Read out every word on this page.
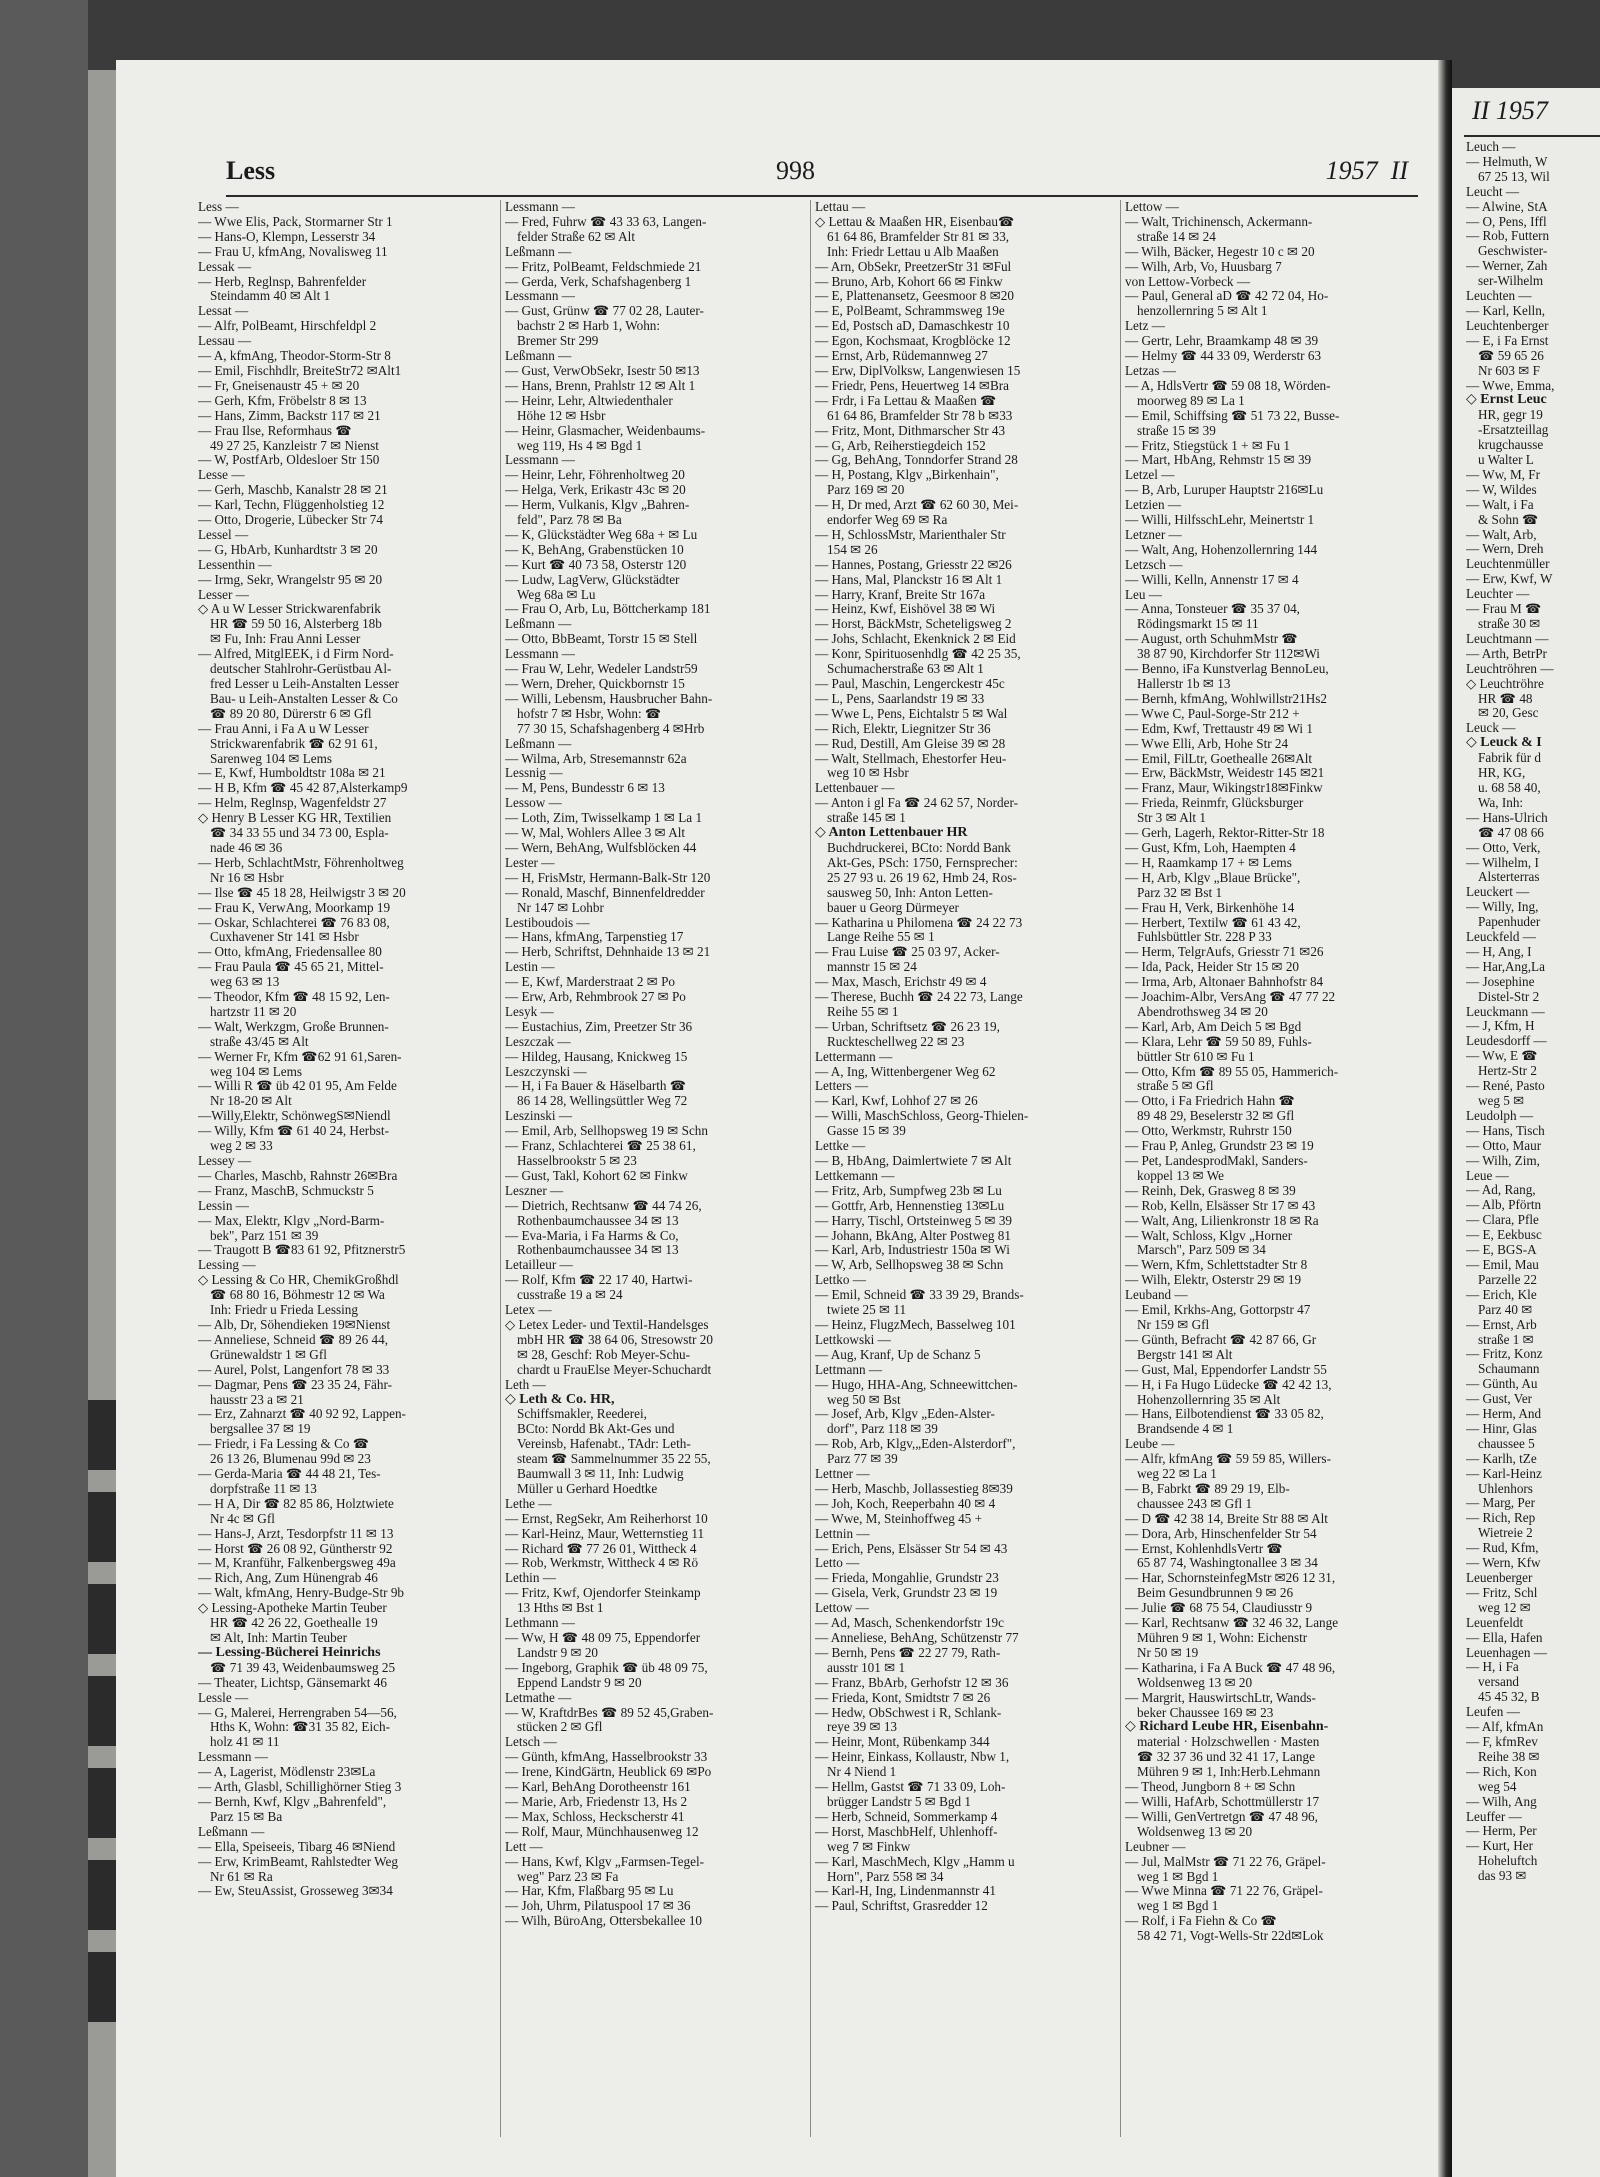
Less	998	1957 II
Less —
— Wwe Elis, Pack, Stormarner Str 1
— Hans-O, Klempn, Lesserstr 34
— Frau U, kfmAng, Novalisweg 11
Lessak —
— Herb, Reglnsp, Bahrenfelder
Steindamm 40 ✉ Alt 1
Lessat —
— Alfr, PolBeamt, Hirschfeldpl 2
Lessau —
— A, kfmAng, Theodor-Storm-Str 8
— Emil, Fischhdlr, BreiteStr72 ✉Alt1
— Fr, Gneisenaustr 45 + ✉ 20
— Gerh, Kfm, Fröbelstr 8 ✉ 13
— Hans, Zimm, Backstr 117 ✉ 21
— Frau Ilse, Reformhaus ☎
49 27 25, Kanzleistr 7 ✉ Nienst
— W, PostfArb, Oldesloer Str 150
Lesse —
— Gerh, Maschb, Kanalstr 28 ✉ 21
— Karl, Techn, Flüggenholstieg 12
— Otto, Drogerie, Lübecker Str 74
Lessel —
— G, HbArb, Kunhardtstr 3 ✉ 20
Lessenthin —
— Irmg, Sekr, Wrangelstr 95 ✉ 20
Lesser —
◇ A u W Lesser Strickwarenfabrik
HR ☎ 59 50 16, Alsterberg 18b
✉ Fu, Inh: Frau Anni Lesser
— Alfred, MitglEEK, i d Firm Nord-
deutscher Stahlrohr-Gerüstbau Al-
fred Lesser u Leih-Anstalten Lesser
Bau- u Leih-Anstalten Lesser & Co
☎ 89 20 80, Dürerstr 6 ✉ Gfl
— Frau Anni, i Fa A u W Lesser
Strickwarenfabrik ☎ 62 91 61,
Sarenweg 104 ✉ Lems
— E, Kwf, Humboldtstr 108a ✉ 21
— H B, Kfm ☎ 45 42 87,Alsterkamp9
— Helm, Reglnsp, Wagenfeldstr 27
◇ Henry B Lesser KG HR, Textilien
☎ 34 33 55 und 34 73 00, Espla-
nade 46 ✉ 36
— Herb, SchlachtMstr, Föhrenholtweg
Nr 16 ✉ Hsbr
— Ilse ☎ 45 18 28, Heilwigstr 3 ✉ 20
— Frau K, VerwAng, Moorkamp 19
— Oskar, Schlachterei ☎ 76 83 08,
Cuxhavener Str 141 ✉ Hsbr
— Otto, kfmAng, Friedensallee 80
— Frau Paula ☎ 45 65 21, Mittel-
weg 63 ✉ 13
— Theodor, Kfm ☎ 48 15 92, Len-
hartzstr 11 ✉ 20
— Walt, Werkzgm, Große Brunnen-
straße 43/45 ✉ Alt
— Werner Fr, Kfm ☎62 91 61,Saren-
weg 104 ✉ Lems
— Willi R ☎ üb 42 01 95, Am Felde
Nr 18-20 ✉ Alt
—Willy,Elektr, SchönwegS✉Niendl
— Willy, Kfm ☎ 61 40 24, Herbst-
weg 2 ✉ 33
Lessey —
— Charles, Maschb, Rahnstr 26✉Bra
— Franz, MaschB, Schmuckstr 5
Lessin —
— Max, Elektr, Klgv „Nord-Barm-
bek", Parz 151 ✉ 39
— Traugott B ☎83 61 92, Pfitznerstr5
Lessing —
◇ Lessing & Co HR, ChemikGroßhdl
☎ 68 80 16, Böhmestr 12 ✉ Wa
Inh: Friedr u Frieda Lessing
— Alb, Dr, Söhendieken 19✉Nienst
— Anneliese, Schneid ☎ 89 26 44,
Grünewaldstr 1 ✉ Gfl
— Aurel, Polst, Langenfort 78 ✉ 33
— Dagmar, Pens ☎ 23 35 24, Fähr-
hausstr 23 a ✉ 21
— Erz, Zahnarzt ☎ 40 92 92, Lappen-
bergsallee 37 ✉ 19
— Friedr, i Fa Lessing & Co ☎
26 13 26, Blumenau 99d ✉ 23
— Gerda-Maria ☎ 44 48 21, Tes-
dorpfstraße 11 ✉ 13
— H A, Dir ☎ 82 85 86, Holztwiete
Nr 4c ✉ Gfl
— Hans-J, Arzt, Tesdorpfstr 11 ✉ 13
— Horst ☎ 26 08 92, Güntherstr 92
— M, Kranführ, Falkenbergsweg 49a
— Rich, Ang, Zum Hünengrab 46
— Walt, kfmAng, Henry-Budge-Str 9b
◇ Lessing-Apotheke Martin Teuber
HR ☎ 42 26 22, Goethealle 19
✉ Alt, Inh: Martin Teuber
— Lessing-Bücherei Heinrichs
☎ 71 39 43, Weidenbaumsweg 25
— Theater, Lichtsp, Gänsemarkt 46
Lessle —
— G, Malerei, Herrengraben 54—56,
Hths K, Wohn: ☎31 35 82, Eich-
holz 41 ✉ 11
Lessmann —
— A, Lagerist, Mödlenstr 23✉La
— Arth, Glasbl, Schillighörner Stieg 3
— Bernh, Kwf, Klgv „Bahrenfeld",
Parz 15 ✉ Ba
Leßmann —
— Ella, Speiseeis, Tibarg 46 ✉Niend
— Erw, KrimBeamt, Rahlstedter Weg
Nr 61 ✉ Ra
— Ew, SteuAssist, Grosseweg 3✉34
Lessmann —
— Fred, Fuhrw ☎ 43 33 63, Langen-
felder Straße 62 ✉ Alt
Leßmann —
— Fritz, PolBeamt, Feldschmiede 21
— Gerda, Verk, Schafshagenberg 1
Lessmann —
— Gust, Grünw ☎ 77 02 28, Lauter-
bachstr 2 ✉ Harb 1, Wohn:
Bremer Str 299
Leßmann —
— Gust, VerwObSekr, Isestr 50 ✉13
— Hans, Brenn, Prahlstr 12 ✉ Alt 1
— Heinr, Lehr, Altwiedenthaler
Höhe 12 ✉ Hsbr
— Heinr, Glasmacher, Weidenbaums-
weg 119, Hs 4 ✉ Bgd 1
Lessmann —
— Heinr, Lehr, Föhrenholtweg 20
— Helga, Verk, Erikastr 43c ✉ 20
— Herm, Vulkanis, Klgv „Bahren-
feld", Parz 78 ✉ Ba
— K, Glückstädter Weg 68a + ✉ Lu
— K, BehAng, Grabenstücken 10
— Kurt ☎ 40 73 58, Osterstr 120
— Ludw, LagVerw, Glückstädter
Weg 68a ✉ Lu
— Frau O, Arb, Lu, Böttcherkamp 181
Leßmann —
— Otto, BbBeamt, Torstr 15 ✉ Stell
Lessmann —
— Frau W, Lehr, Wedeler Landstr59
— Wern, Dreher, Quickbornstr 15
— Willi, Lebensm, Hausbrucher Bahn-
hofstr 7 ✉ Hsbr, Wohn: ☎
77 30 15, Schafshagenberg 4 ✉Hrb
Leßmann —
— Wilma, Arb, Stresemannstr 62a
Lessnig —
— M, Pens, Bundesstr 6 ✉ 13
Lessow —
— Loth, Zim, Twisselkamp 1 ✉ La 1
— W, Mal, Wohlers Allee 3 ✉ Alt
— Wern, BehAng, Wulfsblöcken 44
Lester —
— H, FrisMstr, Hermann-Balk-Str 120
— Ronald, Maschf, Binnenfeldredder
Nr 147 ✉ Lohbr
Lestiboudois —
— Hans, kfmAng, Tarpenstieg 17
— Herb, Schriftst, Dehnhaide 13 ✉ 21
Lestin —
— E, Kwf, Marderstraat 2 ✉ Po
— Erw, Arb, Rehmbrook 27 ✉ Po
Lesyk —
— Eustachius, Zim, Preetzer Str 36
Leszczak —
— Hildeg, Hausang, Knickweg 15
Leszczynski —
— H, i Fa Bauer & Häselbarth ☎
86 14 28, Wellingsüttler Weg 72
Leszinski —
— Emil, Arb, Sellhopsweg 19 ✉ Schn
— Franz, Schlachterei ☎ 25 38 61,
Hasselbrookstr 5 ✉ 23
— Gust, Takl, Kohort 62 ✉ Finkw
Leszner —
— Dietrich, Rechtsanw ☎ 44 74 26,
Rothenbaumchaussee 34 ✉ 13
— Eva-Maria, i Fa Harms & Co,
Rothenbaumchaussee 34 ✉ 13
Letailleur —
— Rolf, Kfm ☎ 22 17 40, Hartwi-
cusstraße 19 a ✉ 24
Letex —
◇ Letex Leder- und Textil-Handelsges
mbH HR ☎ 38 64 06, Stresowstr 20
✉ 28, Geschf: Rob Meyer-Schu-
chardt u FrauElse Meyer-Schuchardt
Leth —
◇ Leth & Co. HR,
Schiffsmakler, Reederei,
BCto: Nordd Bk Akt-Ges und
Vereinsb, Hafenabt., TAdr: Leth-
steam ☎ Sammelnummer 35 22 55,
Baumwall 3 ✉ 11, Inh: Ludwig
Müller u Gerhard Hoedtke
Lethe —
— Ernst, RegSekr, Am Reiherhorst 10
— Karl-Heinz, Maur, Wetternstieg 11
— Richard ☎ 77 26 01, Wittheck 4
— Rob, Werkmstr, Wittheck 4 ✉ Rö
Lethin —
— Fritz, Kwf, Ojendorfer Steinkamp
13 Hths ✉ Bst 1
Lethmann —
— Ww, H ☎ 48 09 75, Eppendorfer
Landstr 9 ✉ 20
— Ingeborg, Graphik ☎ üb 48 09 75,
Eppend Landstr 9 ✉ 20
Letmathe —
— W, KraftdrBes ☎ 89 52 45,Graben-
stücken 2 ✉ Gfl
Letsch —
— Günth, kfmAng, Hasselbrookstr 33
— Irene, KindGärtn, Heublick 69 ✉Po
— Karl, BehAng Dorotheenstr 161
— Marie, Arb, Friedenstr 13, Hs 2
— Max, Schloss, Heckscherstr 41
— Rolf, Maur, Münchhausenweg 12
Lett —
— Hans, Kwf, Klgv „Farmsen-Tegel-
weg" Parz 23 ✉ Fa
— Har, Kfm, Flaßbarg 95 ✉ Lu
— Joh, Uhrm, Pilatuspool 17 ✉ 36
— Wilh, BüroAng, Ottersbekallee 10
Lettau —
◇ Lettau & Maaßen HR, Eisenbau☎
61 64 86, Bramfelder Str 81 ✉ 33,
Inh: Friedr Lettau u Alb Maaßen
— Arn, ObSekr, PreetzerStr 31 ✉Ful
— Bruno, Arb, Kohort 66 ✉ Finkw
— E, Plattenansetz, Geesmoor 8 ✉20
— E, PolBeamt, Schrammsweg 19e
— Ed, Postsch aD, Damaschkestr 10
— Egon, Kochsmaat, Krogblöcke 12
— Ernst, Arb, Rüdemannweg 27
— Erw, DiplVolksw, Langenwiesen 15
— Friedr, Pens, Heuertweg 14 ✉Bra
— Frdr, i Fa Lettau & Maaßen ☎
61 64 86, Bramfelder Str 78 b ✉33
— Fritz, Mont, Dithmarscher Str 43
— G, Arb, Reiherstiegdeich 152
— Gg, BehAng, Tonndorfer Strand 28
— H, Postang, Klgv „Birkenhain",
Parz 169 ✉ 20
— H, Dr med, Arzt ☎ 62 60 30, Mei-
endorfer Weg 69 ✉ Ra
— H, SchlossMstr, Marienthaler Str
154 ✉ 26
— Hannes, Postang, Griesstr 22 ✉26
— Hans, Mal, Planckstr 16 ✉ Alt 1
— Harry, Kranf, Breite Str 167a
— Heinz, Kwf, Eishövel 38 ✉ Wi
— Horst, BäckMstr, Scheteligsweg 2
— Johs, Schlacht, Ekenknick 2 ✉ Eid
— Konr, Spirituosenhdlg ☎ 42 25 35,
Schumacherstraße 63 ✉ Alt 1
— Paul, Maschin, Lengerckestr 45c
— L, Pens, Saarlandstr 19 ✉ 33
— Wwe L, Pens, Eichtalstr 5 ✉ Wal
— Rich, Elektr, Liegnitzer Str 36
— Rud, Destill, Am Gleise 39 ✉ 28
— Walt, Stellmach, Ehestorfer Heu-
weg 10 ✉ Hsbr
Lettenbauer —
— Anton i gl Fa ☎ 24 62 57, Norder-
straße 145 ✉ 1
◇ Anton Lettenbauer HR
Buchdruckerei, BCto: Nordd Bank
Akt-Ges, PSch: 1750, Fernsprecher:
25 27 93 u. 26 19 62, Hmb 24, Ros-
sausweg 50, Inh: Anton Letten-
bauer u Georg Dürmeyer
— Katharina u Philomena ☎ 24 22 73
Lange Reihe 55 ✉ 1
— Frau Luise ☎ 25 03 97, Acker-
mannstr 15 ✉ 24
— Max, Masch, Erichstr 49 ✉ 4
— Therese, Buchh ☎ 24 22 73, Lange
Reihe 55 ✉ 1
— Urban, Schriftsetz ☎ 26 23 19,
Ruckteschellweg 22 ✉ 23
Lettermann —
— A, Ing, Wittenbergener Weg 62
Letters —
— Karl, Kwf, Lohhof 27 ✉ 26
— Willi, MaschSchloss, Georg-Thielen-
Gasse 15 ✉ 39
Lettke —
— B, HbAng, Daimlertwiete 7 ✉ Alt
Lettkemann —
— Fritz, Arb, Sumpfweg 23b ✉ Lu
— Gottfr, Arb, Hennenstieg 13✉Lu
— Harry, Tischl, Ortsteinweg 5 ✉ 39
— Johann, BkAng, Alter Postweg 81
— Karl, Arb, Industriestr 150a ✉ Wi
— W, Arb, Sellhopsweg 38 ✉ Schn
Lettko —
— Emil, Schneid ☎ 33 39 29, Brands-
twiete 25 ✉ 11
— Heinz, FlugzMech, Basselweg 101
Lettkowski —
— Aug, Kranf, Up de Schanz 5
Lettmann —
— Hugo, HHA-Ang, Schneewittchen-
weg 50 ✉ Bst
— Josef, Arb, Klgv „Eden-Alster-
dorf", Parz 118 ✉ 39
— Rob, Arb, Klgv,„Eden-Alsterdorf",
Parz 77 ✉ 39
Lettner —
— Herb, Maschb, Jollassestieg 8✉39
— Joh, Koch, Reeperbahn 40 ✉ 4
— Wwe, M, Steinhoffweg 45 +
Lettnin —
— Erich, Pens, Elsässer Str 54 ✉ 43
Letto —
— Frieda, Mongahlie, Grundstr 23
— Gisela, Verk, Grundstr 23 ✉ 19
Lettow —
— Ad, Masch, Schenkendorfstr 19c
— Anneliese, BehAng, Schützenstr 77
— Bernh, Pens ☎ 22 27 79, Rath-
ausstr 101 ✉ 1
— Franz, BbArb, Gerhofstr 12 ✉ 36
— Frieda, Kont, Smidtstr 7 ✉ 26
— Hedw, ObSchwest i R, Schlank-
reye 39 ✉ 13
— Heinr, Mont, Rübenkamp 344
— Heinr, Einkass, Kollaustr, Nbw 1,
Nr 4 Niend 1
— Hellm, Gastst ☎ 71 33 09, Loh-
brügger Landstr 5 ✉ Bgd 1
— Herb, Schneid, Sommerkamp 4
— Horst, MaschbHelf, Uhlenhoff-
weg 7 ✉ Finkw
— Karl, MaschMech, Klgv „Hamm u
Horn", Parz 558 ✉ 34
— Karl-H, Ing, Lindenmannstr 41
— Paul, Schriftst, Grasredder 12
Lettow —
— Walt, Trichinensch, Ackermann-
straße 14 ✉ 24
— Wilh, Bäcker, Hegestr 10 c ✉ 20
— Wilh, Arb, Vo, Huusbarg 7
von Lettow-Vorbeck —
— Paul, General aD ☎ 42 72 04, Ho-
henzollernring 5 ✉ Alt 1
Letz —
— Gertr, Lehr, Braamkamp 48 ✉ 39
— Helmy ☎ 44 33 09, Werderstr 63
Letzas —
— A, HdlsVertr ☎ 59 08 18, Wörden-
moorweg 89 ✉ La 1
— Emil, Schiffsing ☎ 51 73 22, Busse-
straße 15 ✉ 39
— Fritz, Stiegstück 1 + ✉ Fu 1
— Mart, HbAng, Rehmstr 15 ✉ 39
Letzel —
— B, Arb, Luruper Hauptstr 216✉Lu
Letzien —
— Willi, HilfsschLehr, Meinertstr 1
Letzner —
— Walt, Ang, Hohenzollernring 144
Letzsch —
— Willi, Kelln, Annenstr 17 ✉ 4
Leu —
— Anna, Tonsteuer ☎ 35 37 04,
Rödingsmarkt 15 ✉ 11
— August, orth SchuhmMstr ☎
38 87 90, Kirchdorfer Str 112✉Wi
— Benno, iFa Kunstverlag BennoLeu,
Hallerstr 1b ✉ 13
— Bernh, kfmAng, Wohlwillstr21Hs2
— Wwe C, Paul-Sorge-Str 212 +
— Edm, Kwf, Trettaustr 49 ✉ Wi 1
— Wwe Elli, Arb, Hohe Str 24
— Emil, FilLtr, Goethealle 26✉Alt
— Erw, BäckMstr, Weidestr 145 ✉21
— Franz, Maur, Wikingstr18✉Finkw
— Frieda, Reinmfr, Glücksburger
Str 3 ✉ Alt 1
— Gerh, Lagerh, Rektor-Ritter-Str 18
— Gust, Kfm, Loh, Haempten 4
— H, Raamkamp 17 + ✉ Lems
— H, Arb, Klgv „Blaue Brücke",
Parz 32 ✉ Bst 1
— Frau H, Verk, Birkenhöhe 14
— Herbert, Textilw ☎ 61 43 42,
Fuhlsbüttler Str. 228 P 33
— Herm, TelgrAufs, Griesstr 71 ✉26
— Ida, Pack, Heider Str 15 ✉ 20
— Irma, Arb, Altonaer Bahnhofstr 84
— Joachim-Albr, VersAng ☎ 47 77 22
Abendrothsweg 34 ✉ 20
— Karl, Arb, Am Deich 5 ✉ Bgd
— Klara, Lehr ☎ 59 50 89, Fuhls-
büttler Str 610 ✉ Fu 1
— Otto, Kfm ☎ 89 55 05, Hammerich-
straße 5 ✉ Gfl
— Otto, i Fa Friedrich Hahn ☎
89 48 29, Beselerstr 32 ✉ Gfl
— Otto, Werkmstr, Ruhrstr 150
— Frau P, Anleg, Grundstr 23 ✉ 19
— Pet, LandesprodMakl, Sanders-
koppel 13 ✉ We
— Reinh, Dek, Grasweg 8 ✉ 39
— Rob, Kelln, Elsässer Str 17 ✉ 43
— Walt, Ang, Lilienkronstr 18 ✉ Ra
— Walt, Schloss, Klgv „Horner
Marsch", Parz 509 ✉ 34
— Wern, Kfm, Schlettstadter Str 8
— Wilh, Elektr, Osterstr 29 ✉ 19
Leuband —
— Emil, Krkhs-Ang, Gottorpstr 47
Nr 159 ✉ Gfl
— Günth, Befracht ☎ 42 87 66, Gr
Bergstr 141 ✉ Alt
— Gust, Mal, Eppendorfer Landstr 55
— H, i Fa Hugo Lüdecke ☎ 42 42 13,
Hohenzollernring 35 ✉ Alt
— Hans, Eilbotendienst ☎ 33 05 82,
Brandsende 4 ✉ 1
Leube —
— Alfr, kfmAng ☎ 59 59 85, Willers-
weg 22 ✉ La 1
— B, Fabrkt ☎ 89 29 19, Elb-
chaussee 243 ✉ Gfl 1
— D ☎ 42 38 14, Breite Str 88 ✉ Alt
— Dora, Arb, Hinschenfelder Str 54
— Ernst, KohlenhdlsVertr ☎
65 87 74, Washingtonallee 3 ✉ 34
— Har, SchornsteinfegMstr ✉26 12 31,
Beim Gesundbrunnen 9 ✉ 26
— Julie ☎ 68 75 54, Claudiusstr 9
— Karl, Rechtsanw ☎ 32 46 32, Lange
Mühren 9 ✉ 1, Wohn: Eichenstr
Nr 50 ✉ 19
— Katharina, i Fa A Buck ☎ 47 48 96,
Woldsenweg 13 ✉ 20
— Margrit, HauswirtschLtr, Wands-
beker Chaussee 169 ✉ 23
◇ Richard Leube HR, Eisenbahn-
material · Holzschwellen · Masten
☎ 32 37 36 und 32 41 17, Lange
Mühren 9 ✉ 1, Inh:Herb.Lehmann
— Theod, Jungborn 8 + ✉ Schn
— Willi, HafArb, Schottmüllerstr 17
— Willi, GenVertretgn ☎ 47 48 96,
Woldsenweg 13 ✉ 20
Leubner —
— Jul, MalMstr ☎ 71 22 76, Gräpel-
weg 1 ✉ Bgd 1
— Wwe Minna ☎ 71 22 76, Gräpel-
weg 1 ✉ Bgd 1
— Rolf, i Fa Fiehn & Co ☎
58 42 71, Vogt-Wells-Str 22d✉Lok
II 1957
Leuch —
— Helmuth, W
67 25 13, Wil
Leucht —
— Alwine, StA
— O, Pens, Iffl
— Rob, Futtern
Geschwister-
— Werner, Zah
ser-Wilhelm
Leuchten —
— Karl, Kelln,
Leuchtenberger
— E, i Fa Ernst
☎ 59 65 26
Nr 603 ✉ F
— Wwe, Emma,
◇ Ernst Leuc
HR, gegr 19
-Ersatzteillag
krugchausse
u Walter L
— Ww, M, Fr
— W, Wildes
— Walt, i Fa
& Sohn ☎
— Walt, Arb,
— Wern, Dreh
Leuchtenmüller
— Erw, Kwf, W
Leuchter —
— Frau M ☎
straße 30 ✉
Leuchtmann —
— Arth, BetrPr
Leuchtröhren —
◇ Leuchtröhre
HR ☎ 48
✉ 20, Gesc
Leuck —
◇ Leuck & I
Fabrik für d
HR, KG,
u. 68 58 40,
Wa, Inh:
— Hans-Ulrich
☎ 47 08 66
— Otto, Verk,
— Wilhelm, I
Alsterterras
Leuckert —
— Willy, Ing,
Papenhuder
Leuckfeld —
— H, Ang, I
— Har,Ang,La
— Josephine
Distel-Str 2
Leuckmann —
— J, Kfm, H
Leudesdorff —
— Ww, E ☎
Hertz-Str 2
— René, Pasto
weg 5 ✉
Leudolph —
— Hans, Tisch
— Otto, Maur
— Wilh, Zim,
Leue —
— Ad, Rang,
— Alb, Pförtn
— Clara, Pfle
— E, Eekbusc
— E, BGS-A
— Emil, Mau
Parzelle 22
— Erich, Kle
Parz 40 ✉
— Ernst, Arb
straße 1 ✉
— Fritz, Konz
Schaumann
— Günth, Au
— Gust, Ver
— Herm, And
— Hinr, Glas
chaussee 5
— Karlh, tZe
— Karl-Heinz
Uhlenhors
— Marg, Per
— Rich, Rep
Wietreie 2
— Rud, Kfm,
— Wern, Kfw
Leuenberger
— Fritz, Schl
weg 12 ✉
Leuenfeldt
— Ella, Hafen
Leuenhagen —
— H, i Fa
versand
45 45 32, B
Leufen —
— Alf, kfmAn
— F, kfmRev
Reihe 38 ✉
— Rich, Kon
weg 54
— Wilh, Ang
Leuffer —
— Herm, Per
— Kurt, Her
Hoheluftch
das 93 ✉
